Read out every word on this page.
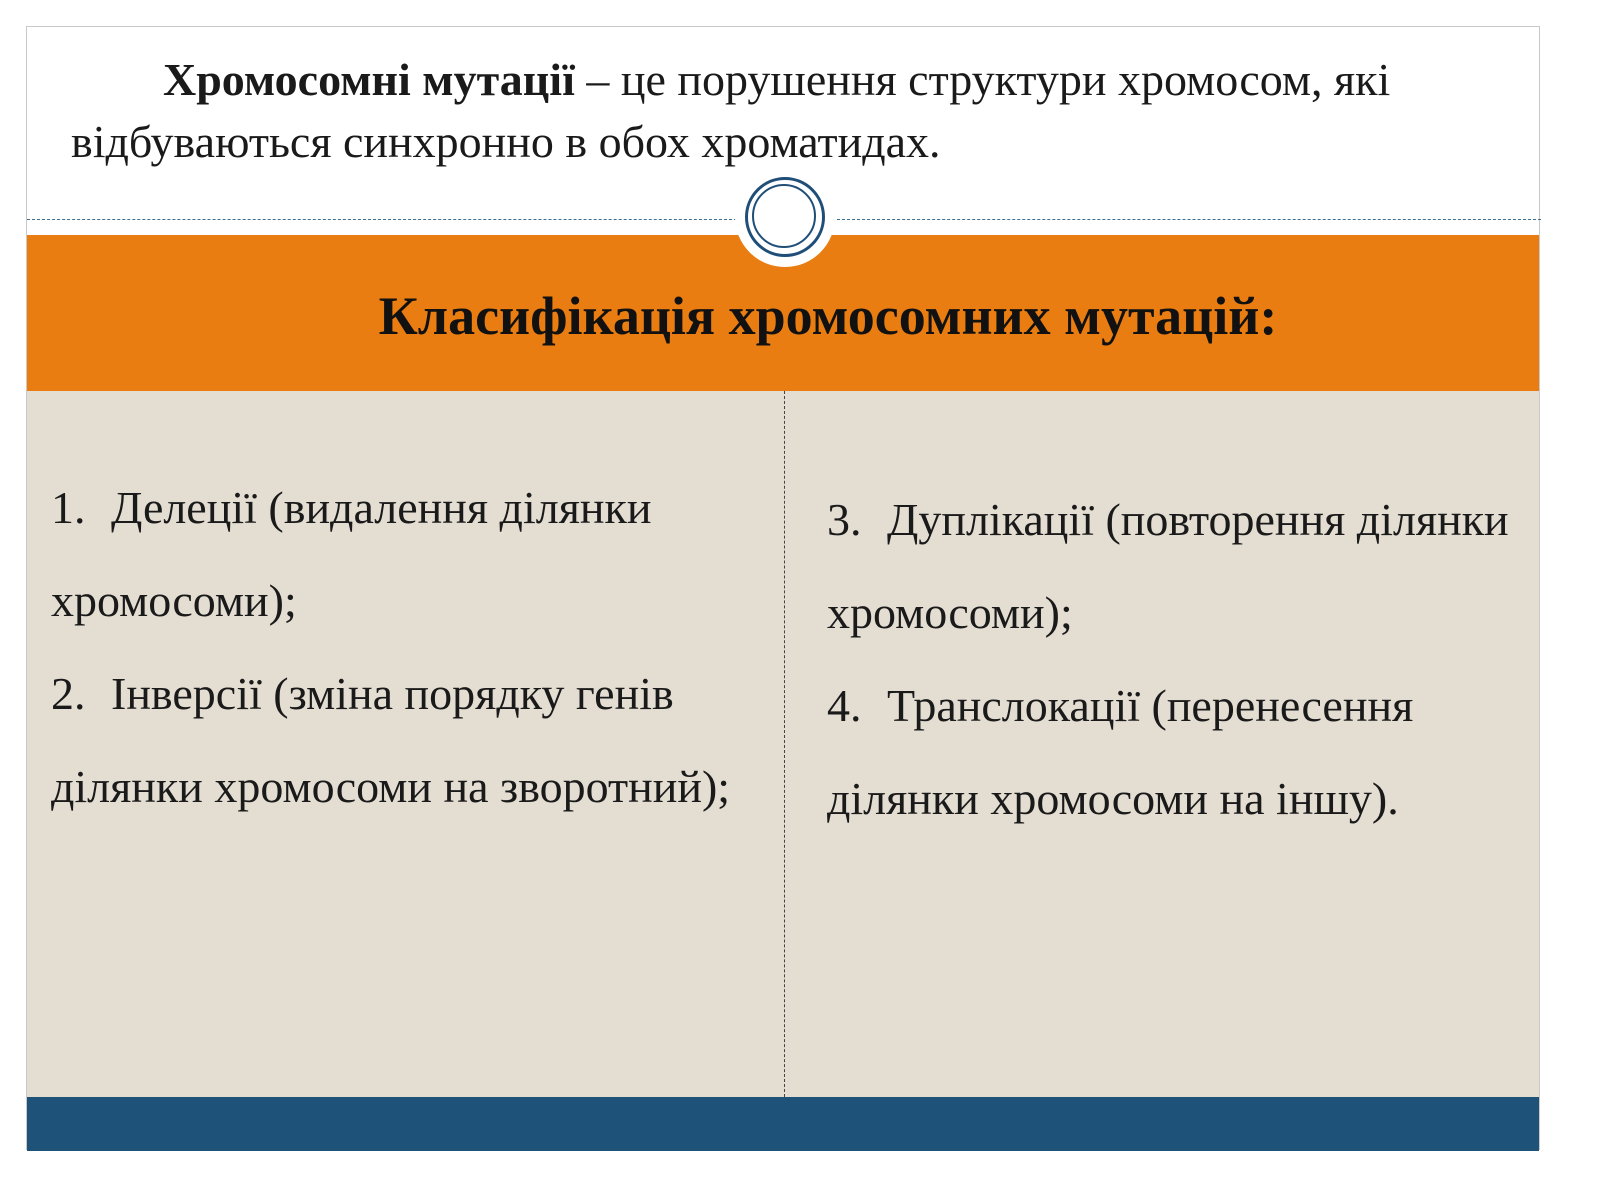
Хромосомні мутації – це порушення структури хромосом, які відбуваються синхронно в обох хроматидах.

Класифікація хромосомних мутацій:

1. Делеції (видалення ділянки хромосоми);

2. Інверсії (зміна порядку генів ділянки хромосоми на зворотний);

3. Дуплікації (повторення ділянки хромосоми);

4. Транслокації (перенесення ділянки хромосоми на іншу).
